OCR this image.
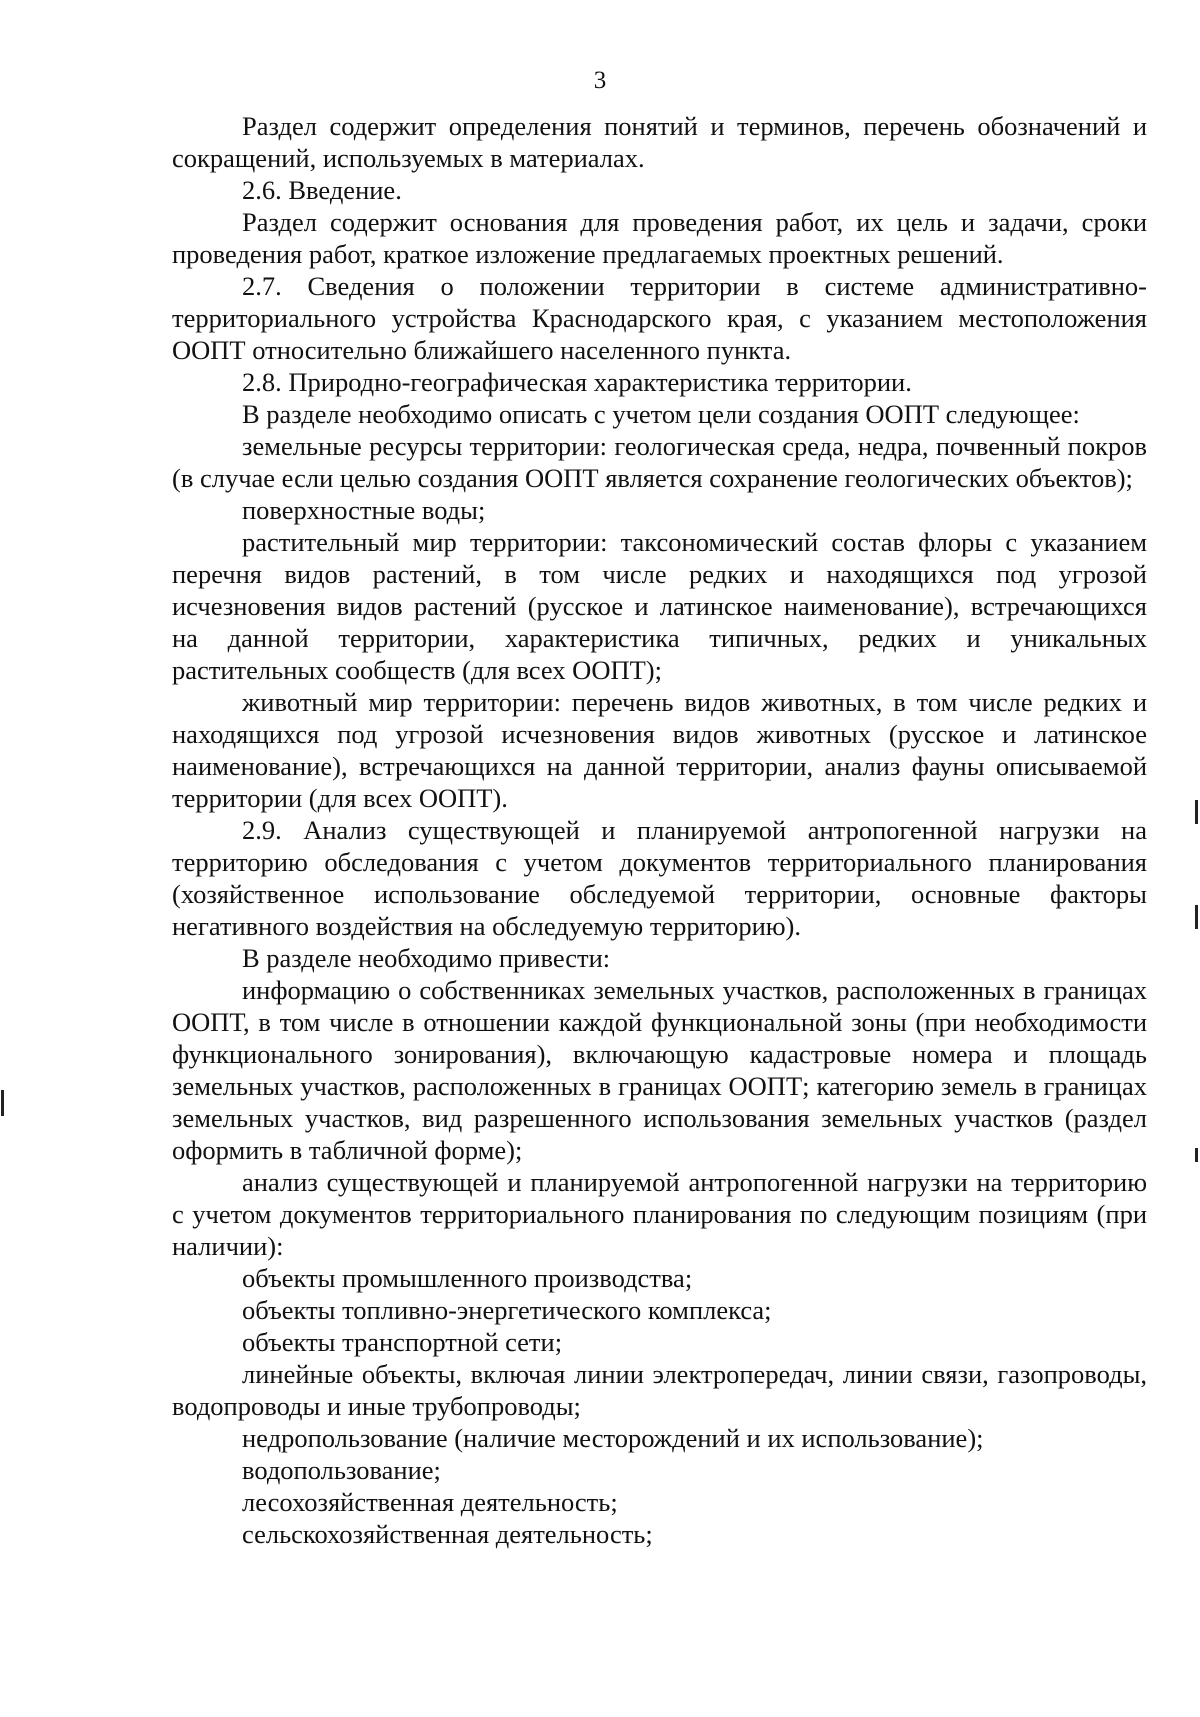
3

Раздел содержит определения понятий и терминов, перечень обозначений и сокращений, используемых в материалах.

2.6. Введение.

Раздел содержит основания для проведения работ, их цель и задачи, сроки проведения работ, краткое изложение предлагаемых проектных решений.

2.7. Сведения о положении территории в системе административно-территориального устройства Краснодарского края, с указанием местоположения ООПТ относительно ближайшего населенного пункта.

2.8. Природно-географическая характеристика территории.

В разделе необходимо описать с учетом цели создания ООПТ следующее:

земельные ресурсы территории: геологическая среда, недра, почвенный покров (в случае если целью создания ООПТ является сохранение геологических объектов);

поверхностные воды;

растительный мир территории: таксономический состав флоры с указанием перечня видов растений, в том числе редких и находящихся под угрозой исчезновения видов растений (русское и латинское наименование), встречающихся на данной территории, характеристика типичных, редких и уникальных растительных сообществ (для всех ООПТ);

животный мир территории: перечень видов животных, в том числе редких и находящихся под угрозой исчезновения видов животных (русское и латинское наименование), встречающихся на данной территории, анализ фауны описываемой территории (для всех ООПТ).

2.9. Анализ существующей и планируемой антропогенной нагрузки на территорию обследования с учетом документов территориального планирования (хозяйственное использование обследуемой территории, основные факторы негативного воздействия на обследуемую территорию).

В разделе необходимо привести:

информацию о собственниках земельных участков, расположенных в границах ООПТ, в том числе в отношении каждой функциональной зоны (при необходимости функционального зонирования), включающую кадастровые номера и площадь земельных участков, расположенных в границах ООПТ; категорию земель в границах земельных участков, вид разрешенного использования земельных участков (раздел оформить в табличной форме);

анализ существующей и планируемой антропогенной нагрузки на территорию с учетом документов территориального планирования по следующим позициям (при наличии):

объекты промышленного производства;

объекты топливно-энергетического комплекса;

объекты транспортной сети;

линейные объекты, включая линии электропередач, линии связи, газопроводы, водопроводы и иные трубопроводы;

недропользование (наличие месторождений и их использование);

водопользование;

лесохозяйственная деятельность;

сельскохозяйственная деятельность;
